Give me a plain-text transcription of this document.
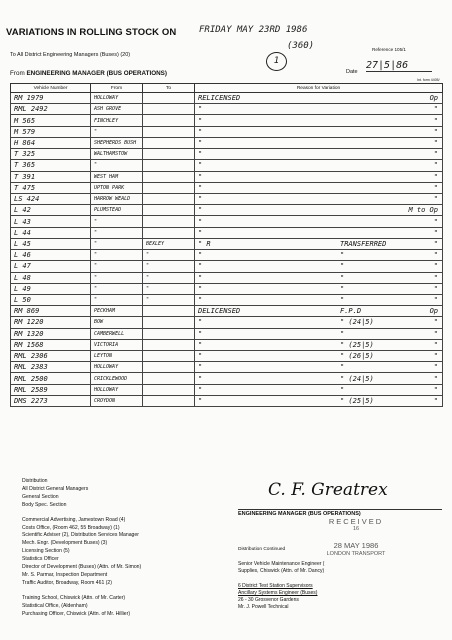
VARIATIONS IN ROLLING STOCK ON	FRIDAY MAY 23RD 1986
(360)
To All District Engineering Managers (Buses) (20)
1
Reference 105/1
From ENGINEERING MANAGER (BUS OPERATIONS)	Date
27|5|86
Int. form 4405/
Vehicle Number	From	To	Reason for Variation
RM 1979	HOLLOWAY		RELICENSED Op

RML 2492	ASH GROVE		" "

M 565	FINCHLEY		" "

M 579	"		" "

H 864	SHEPHERDS BUSH		" "

T 325	WALTHAMSTOW		" "

T 365	"		" "

T 391	WEST HAM		" "

T 475	UPTON PARK		" "

LS 424	HARROW WEALD		" "

L 42	PLUMSTEAD		" M to Op

L 43	"		" "

L 44	"		" "

L 45	"	BEXLEY	" R TRANSFERRED "

L 46	"	"	" " "

L 47	"	"	" " "

L 48	"	"	" " "

L 49	"	"	" " "

L 50	"	"	" " "

RM 869	PECKHAM		DELICENSED F.P.D Op

RM 1220	BOW		" " (24|5) "

RM 1320	CAMBERWELL		" " "

RM 1568	VICTORIA		" " (25|5) "

RML 2306	LEYTON		" " (26|5) "

RML 2383	HOLLOWAY		" " "

RML 2500	CRICKLEWOOD		" " (24|5) "

RML 2589	HOLLOWAY		" " "

DMS 2273	CROYDON		" " (25|5) "
Distribution
All District General Managers
General Section
Body Spec. Section
Commercial Advertising, Jamestown Road (4)
Costs Office, (Room 462, 55 Broadway) (1)
Scientific Adviser (2), Distribution Services Manager
Mech. Engr. (Development Buses) (3)
Licensing Section (5)
Statistics Officer
Director of Development (Buses) (Attn. of Mr. Simon)
Mr. S. Parmar, Inspection Department
Traffic Auditor, Broadway, Room 461 (2)
Training School, Chiswick (Attn. of Mr. Carter)
Statistical Office, (Aldenham)
Purchasing Officer, Chiswick (Attn. of Mr. Hillier)
C. F. Greatrex
ENGINEERING MANAGER (BUS OPERATIONS)
RECEIVED
16
28 MAY 1986
LONDON TRANSPORT
Distribution Continued
Senior Vehicle Maintenance Engineer (
Supplies, Chiswick (Attn. of Mr. Dancy)
6 District Test Station Supervisors
Ancillary Systems Engineer (Buses)
26 - 30 Grosvenor Gardens
Mr. J. Powell Technical
